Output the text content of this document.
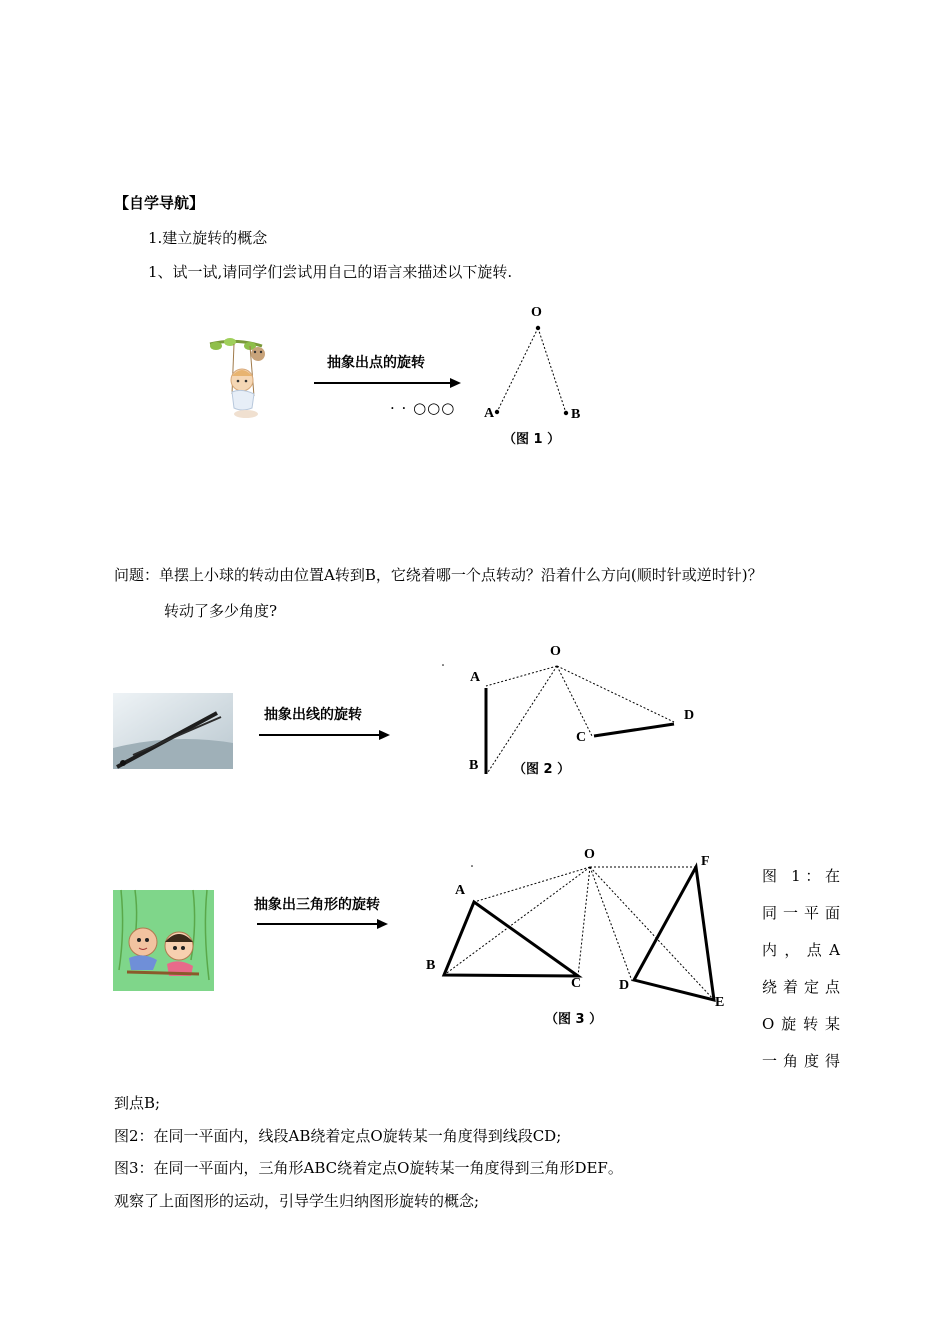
【自学导航】
1.建立旋转的概念
1、试一试,请同学们尝试用自己的语言来描述以下旋转.
抽象出点的旋转
· · ○○○
O
A	B
（图 1 ）
问题：单摆上小球的转动由位置A转到B，它绕着哪一个点转动？沿着什么方向(顺时针或逆时针)？
转动了多少角度?
抽象出线的旋转
O
A
B
C
D
（图 2 ）
抽象出三角形的旋转
O
A
B
C	D
E
F
（图 3 ）
图 1：在
同一平面
内，点A
绕着定点
O旋转某
一角度得
到点B;
图2：在同一平面内，线段AB绕着定点O旋转某一角度得到线段CD;
图3：在同一平面内，三角形ABC绕着定点O旋转某一角度得到三角形DEF。
观察了上面图形的运动，引导学生归纳图形旋转的概念;
